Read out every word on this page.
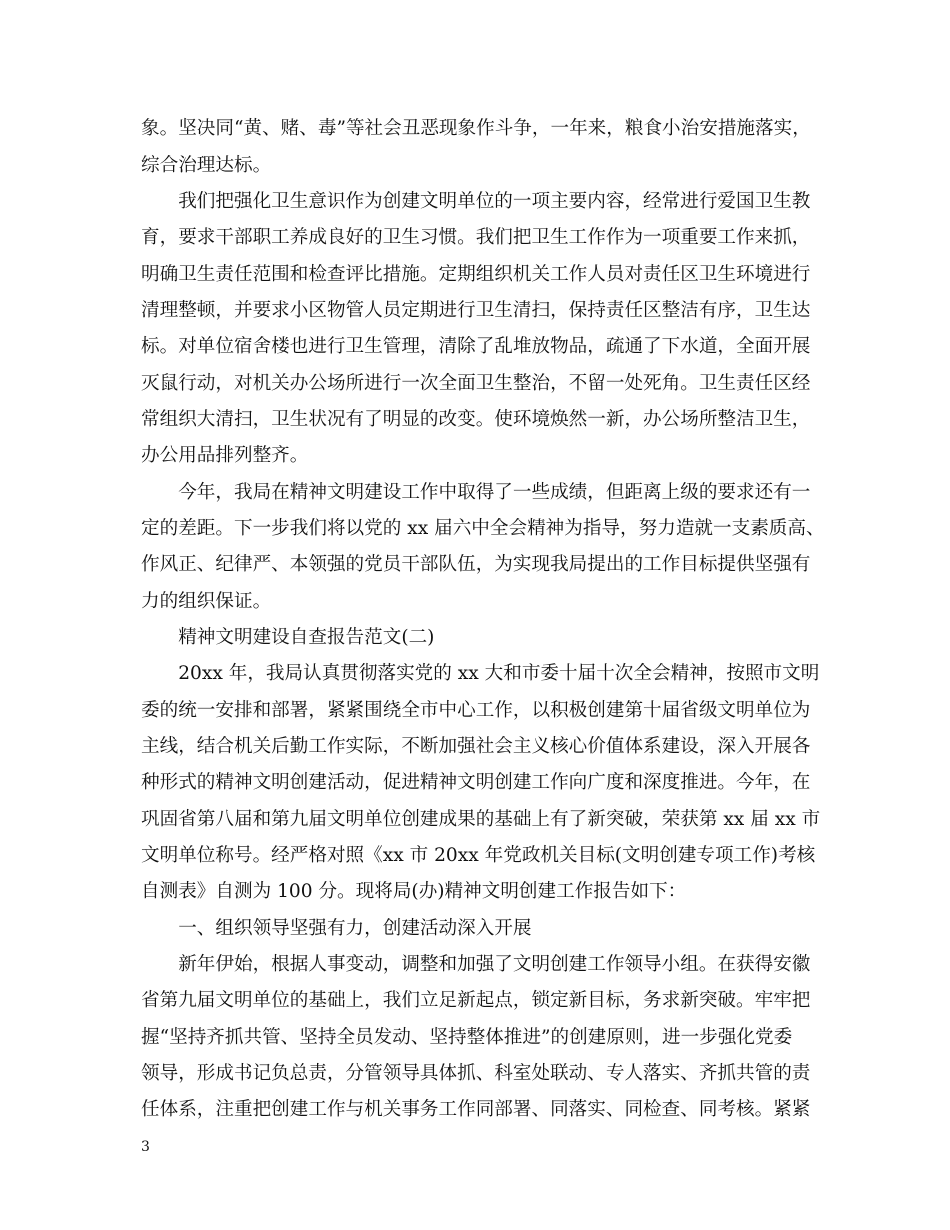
象。坚决同“黄、赌、毒”等社会丑恶现象作斗争，一年来，粮食小治安措施落实，
综合治理达标。
　　我们把强化卫生意识作为创建文明单位的一项主要内容，经常进行爱国卫生教
育，要求干部职工养成良好的卫生习惯。我们把卫生工作作为一项重要工作来抓，
明确卫生责任范围和检查评比措施。定期组织机关工作人员对责任区卫生环境进行
清理整顿，并要求小区物管人员定期进行卫生清扫，保持责任区整洁有序，卫生达
标。对单位宿舍楼也进行卫生管理，清除了乱堆放物品，疏通了下水道，全面开展
灭鼠行动，对机关办公场所进行一次全面卫生整治，不留一处死角。卫生责任区经
常组织大清扫，卫生状况有了明显的改变。使环境焕然一新，办公场所整洁卫生，
办公用品排列整齐。
　　今年，我局在精神文明建设工作中取得了一些成绩，但距离上级的要求还有一
定的差距。下一步我们将以党的 xx 届六中全会精神为指导，努力造就一支素质高、
作风正、纪律严、本领强的党员干部队伍，为实现我局提出的工作目标提供坚强有
力的组织保证。
　　精神文明建设自查报告范文(二)
　　20xx 年，我局认真贯彻落实党的 xx 大和市委十届十次全会精神，按照市文明
委的统一安排和部署，紧紧围绕全市中心工作，以积极创建第十届省级文明单位为
主线，结合机关后勤工作实际，不断加强社会主义核心价值体系建设，深入开展各
种形式的精神文明创建活动，促进精神文明创建工作向广度和深度推进。今年，在
巩固省第八届和第九届文明单位创建成果的基础上有了新突破，荣获第 xx 届 xx 市
文明单位称号。经严格对照《xx 市 20xx 年党政机关目标(文明创建专项工作)考核
自测表》自测为 100 分。现将局(办)精神文明创建工作报告如下：
　　一、组织领导坚强有力，创建活动深入开展
　　新年伊始，根据人事变动，调整和加强了文明创建工作领导小组。在获得安徽
省第九届文明单位的基础上，我们立足新起点，锁定新目标，务求新突破。牢牢把
握“坚持齐抓共管、坚持全员发动、坚持整体推进”的创建原则，进一步强化党委
领导，形成书记负总责，分管领导具体抓、科室处联动、专人落实、齐抓共管的责
任体系，注重把创建工作与机关事务工作同部署、同落实、同检查、同考核。紧紧
3
